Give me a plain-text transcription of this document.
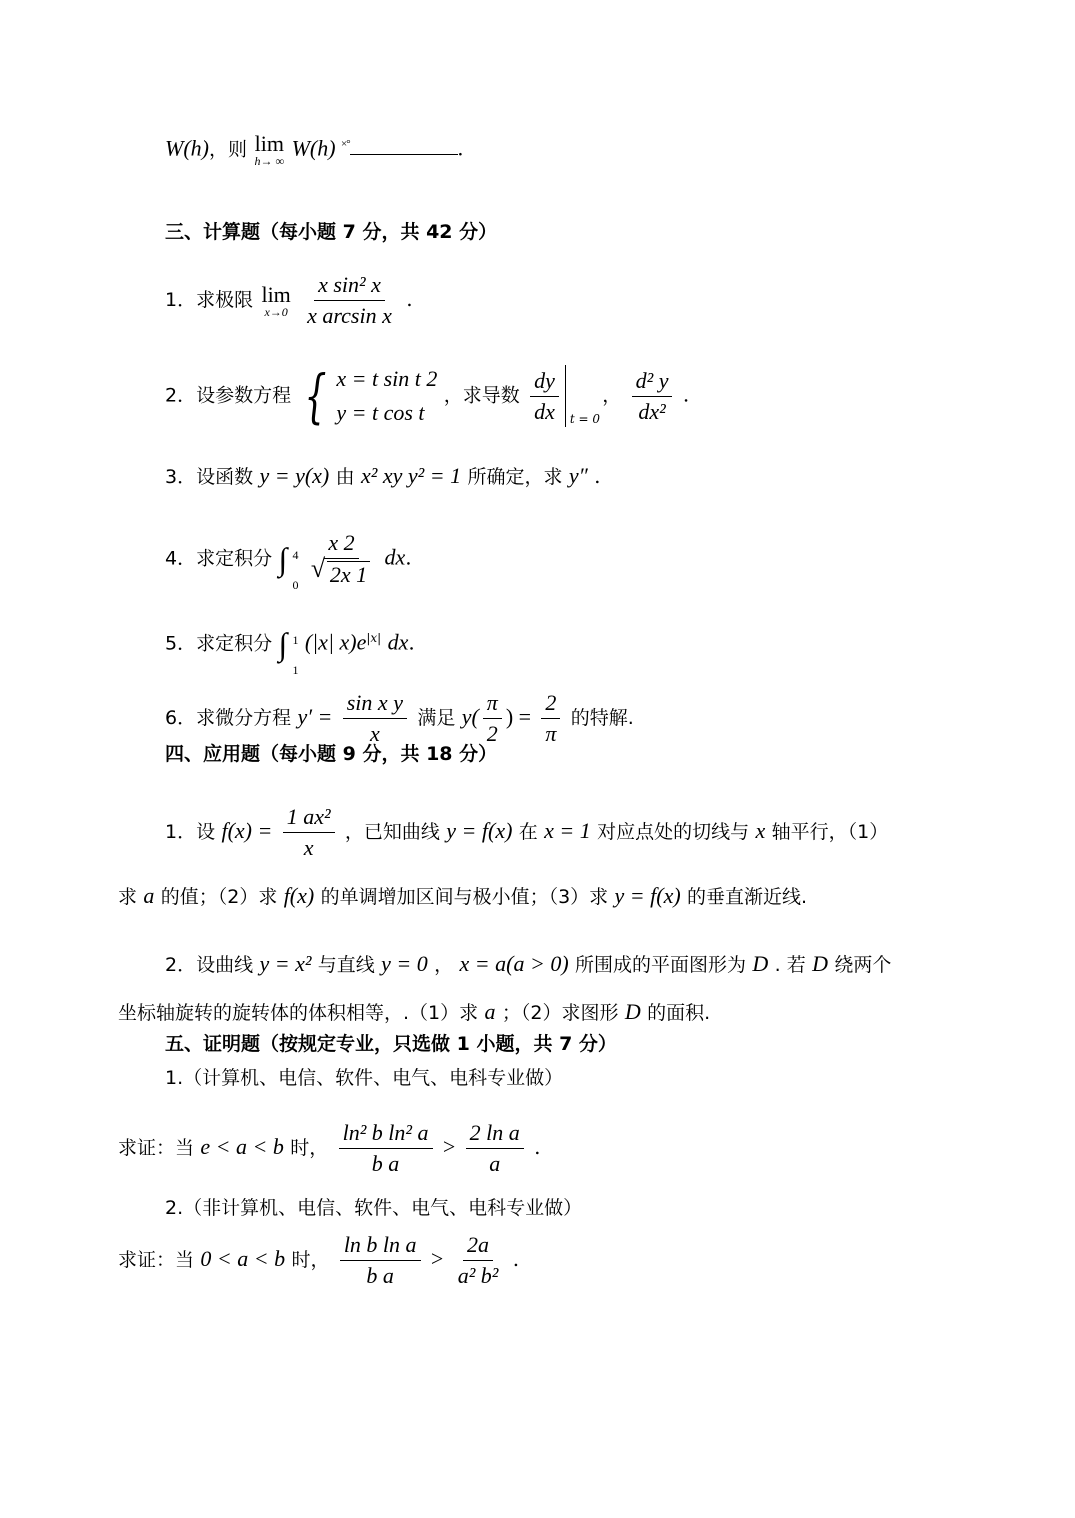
W(h)，则 lim
h→ ∞
W(h) ×°	.
三、计算题（每小题 7 分，共 42 分）
1．求极限 lim
x→0
$\frac{\text{x sin² x}}{\text{x arcsin x}}$ .
2．设参数方程 { x = t sin t 2
y = t cos t
，求导数 $\frac{dy}{dx}$ t = 0
， $\frac{\text{d² y}}{\text{dx²}}$ .
3．设函数 y = y(x) 由 x² xy y² = 1 所确定，求 y″ .
4．求定积分 ∫ 4
0
x 2
√ 2x 1 dx.
5．求定积分 ∫ 1
1
(|x| $x)e^{|x|}$ dx.
6．求微分方程 $y' = \frac{\text{sin x y}}{x}$ 满足 $y( \frac{\pi}{2}$ ) = $\frac{2}{\pi}$ 的特解.
四、应用题（每小题 9 分，共 18 分）
1．设 $f(x) = \frac{\text{1 ax²}}{x}$ ，已知曲线 y = f(x) 在 x = 1 对应点处的切线与 x 轴平行，（1）
求 a 的值；（2）求 f(x) 的单调增加区间与极小值；（3）求 y = f(x) 的垂直渐近线.
2．设曲线 y = x² 与直线 y = 0 ， x = a(a > 0) 所围成的平面图形为 D . 若 D 绕两个
坐标轴旋转的旋转体的体积相等，.（1）求 a ；（2）求图形 D 的面积.
五、证明题（按规定专业，只选做 1 小题，共 7 分）
1.（计算机、电信、软件、电气、电科专业做）
求证：当 e < a < b 时， $\frac{\text{ln² b ln² a}}{\text{b a}} > \frac{\text{2 ln a}}{a}$ .
2.（非计算机、电信、软件、电气、电科专业做）
求证：当 0 < a < b 时， $\frac{\text{ln b ln a}}{\text{b a}} > \frac{2a}{\text{a² b²}}$ .
